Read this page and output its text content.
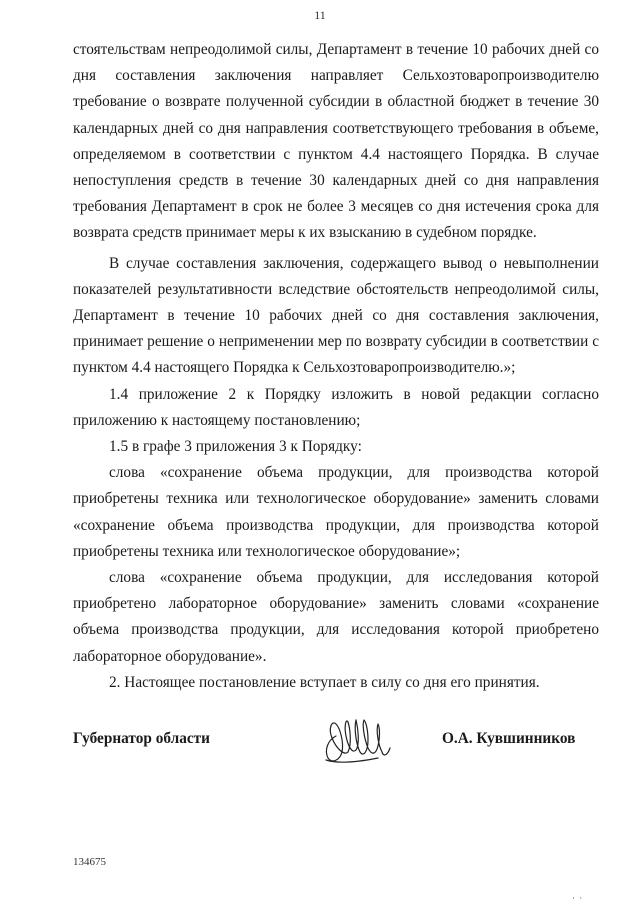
11

стоятельствам непреодолимой силы, Департамент в течение 10 рабочих дней со дня составления заключения направляет Сельхозтоваропроизводителю требование о возврате полученной субсидии в областной бюджет в течение 30 календарных дней со дня направления соответствующего требования в объеме, определяемом в соответствии с пунктом 4.4 настоящего Порядка. В случае непоступления средств в течение 30 календарных дней со дня направления требования Департамент в срок не более 3 месяцев со дня истечения срока для возврата средств принимает меры к их взысканию в судебном порядке.

В случае составления заключения, содержащего вывод о невыполнении показателей результативности вследствие обстоятельств непреодолимой силы, Департамент в течение 10 рабочих дней со дня составления заключения, принимает решение о неприменении мер по возврату субсидии в соответствии с пунктом 4.4 настоящего Порядка к Сельхозтоваропроизводителю.»;

1.4 приложение 2 к Порядку изложить в новой редакции согласно приложению к настоящему постановлению;

1.5 в графе 3 приложения 3 к Порядку:

слова «сохранение объема продукции, для производства которой приобретены техника или технологическое оборудование» заменить словами «сохранение объема производства продукции, для производства которой приобретены техника или технологическое оборудование»;

слова «сохранение объема продукции, для исследования которой приобретено лабораторное оборудование» заменить словами «сохранение объема производства продукции, для исследования которой приобретено лабораторное оборудование».

2. Настоящее постановление вступает в силу со дня его принятия.

Губернатор области	О.А. Кувшинников
134675
· ·
